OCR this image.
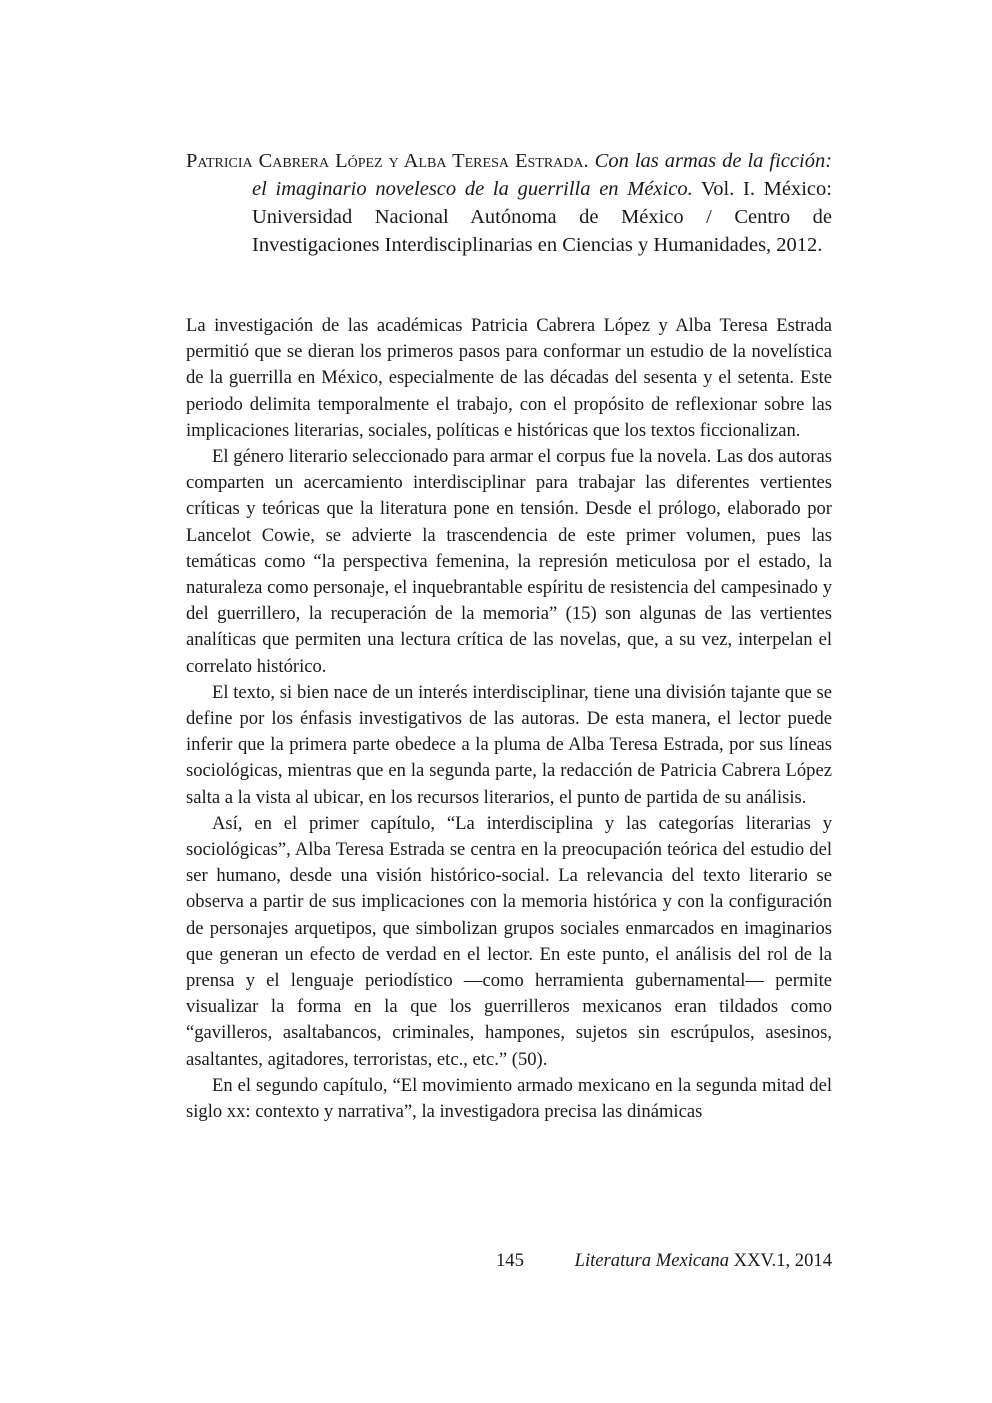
Patricia Cabrera López y Alba Teresa Estrada. Con las armas de la ficción: el imaginario novelesco de la guerrilla en México. Vol. I. México: Universidad Nacional Autónoma de México / Centro de Investigaciones Interdisciplinarias en Ciencias y Humanidades, 2012.

La investigación de las académicas Patricia Cabrera López y Alba Teresa Estrada permitió que se dieran los primeros pasos para conformar un estudio de la novelística de la guerrilla en México, especialmente de las décadas del sesenta y el setenta. Este periodo delimita temporalmente el trabajo, con el propósito de reflexionar sobre las implicaciones literarias, sociales, políticas e históricas que los textos ficcionalizan.

El género literario seleccionado para armar el corpus fue la novela. Las dos autoras comparten un acercamiento interdisciplinar para trabajar las diferentes vertientes críticas y teóricas que la literatura pone en tensión. Desde el prólogo, elaborado por Lancelot Cowie, se advierte la trascendencia de este primer volumen, pues las temáticas como “la perspectiva femenina, la represión meticulosa por el estado, la naturaleza como personaje, el inquebrantable espíritu de resistencia del campesinado y del guerrillero, la recuperación de la memoria” (15) son algunas de las vertientes analíticas que permiten una lectura crítica de las novelas, que, a su vez, interpelan el correlato histórico.

El texto, si bien nace de un interés interdisciplinar, tiene una división tajante que se define por los énfasis investigativos de las autoras. De esta manera, el lector puede inferir que la primera parte obedece a la pluma de Alba Teresa Estrada, por sus líneas sociológicas, mientras que en la segunda parte, la redacción de Patricia Cabrera López salta a la vista al ubicar, en los recursos literarios, el punto de partida de su análisis.

Así, en el primer capítulo, “La interdisciplina y las categorías literarias y sociológicas”, Alba Teresa Estrada se centra en la preocupación teórica del estudio del ser humano, desde una visión histórico-social. La relevancia del texto literario se observa a partir de sus implicaciones con la memoria histórica y con la configuración de personajes arquetipos, que simbolizan grupos sociales enmarcados en imaginarios que generan un efecto de verdad en el lector. En este punto, el análisis del rol de la prensa y el lenguaje periodístico —como herramienta gubernamental— permite visualizar la forma en la que los guerrilleros mexicanos eran tildados como “gavilleros, asaltabancos, criminales, hampones, sujetos sin escrúpulos, asesinos, asaltantes, agitadores, terroristas, etc., etc.” (50).

En el segundo capítulo, “El movimiento armado mexicano en la segunda mitad del siglo xx: contexto y narrativa”, la investigadora precisa las dinámicas

145	Literatura Mexicana XXV.1, 2014
